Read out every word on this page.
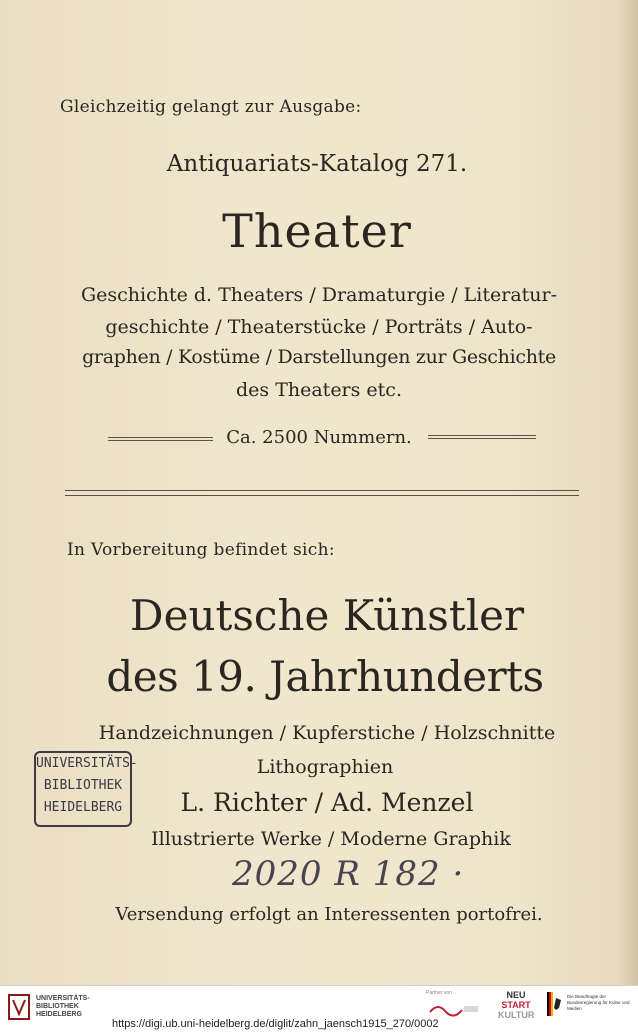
Gleichzeitig gelangt zur Ausgabe:
Antiquariats-Katalog 271.
Theater
Geschichte d. Theaters / Dramaturgie / Literatur-
geschichte / Theaterstücke / Porträts / Auto-
graphen / Kostüme / Darstellungen zur Geschichte
des Theaters etc.
Ca. 2500 Nummern.
In Vorbereitung befindet sich:
Deutsche Künstler
des 19. Jahrhunderts
Handzeichnungen / Kupferstiche / Holzschnitte
Lithographien
L. Richter / Ad. Menzel
Illustrierte Werke / Moderne Graphik
UNIVERSITÄTS-
BIBLIOTHEK
HEIDELBERG
2020 R 182 ·
Versendung erfolgt an Interessenten portofrei.
UNIVERSITÄTS-
BIBLIOTHEK
HEIDELBERG
Partner von	NEU
START
KULTUR
Die Beauftragte der Bundesregierung für Kultur und Medien
https://digi.ub.uni-heidelberg.de/diglit/zahn_jaensch1915_270/0002
